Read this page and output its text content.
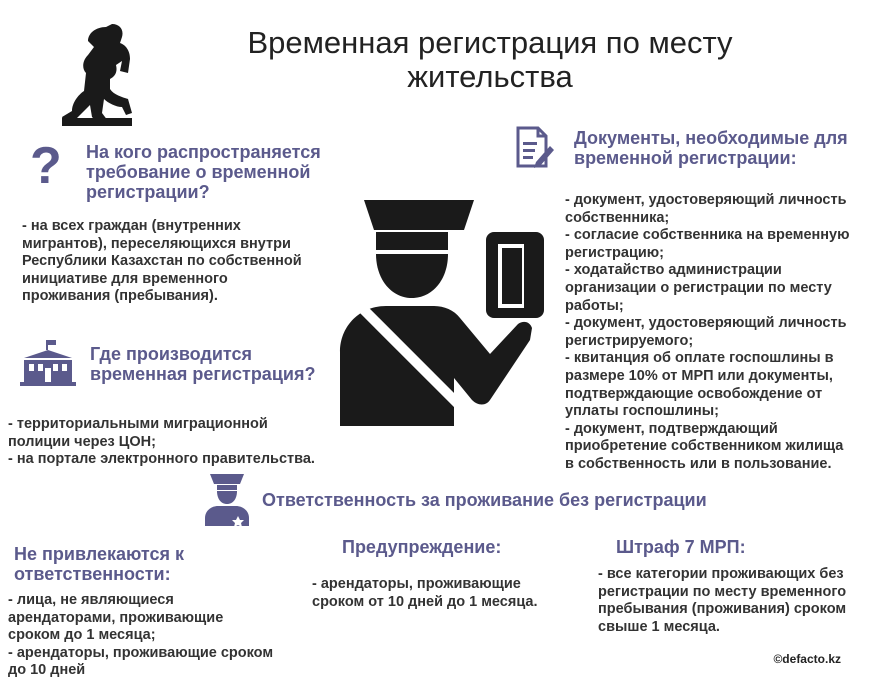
Временная регистрация по месту
жительства
? На кого распространяется
требование о временной
регистрации?
- на всех граждан (внутренних
мигрантов), переселяющихся внутри
Республики Казахстан по собственной
инициативе для временного
проживания (пребывания).
Документы, необходимые для
временной регистрации:
- документ, удостоверяющий личность
собственника;
- согласие собственника на временную
регистрацию;
- ходатайство администрации
организации о регистрации по месту
работы;
- документ, удостоверяющий личность
регистрируемого;
- квитанция об оплате госпошлины в
размере 10% от МРП или документы,
подтверждающие освобождение от
уплаты госпошлины;
- документ, подтверждающий
приобретение собственником жилища
в собственность или в пользование.
Где производится
временная регистрация?
- территориальными миграционной
полиции через ЦОН;
- на портале электронного правительства.
Ответственность за проживание без регистрации
Не привлекаются к
ответственности:
- лица, не являющиеся
арендаторами, проживающие
сроком до 1 месяца;
- арендаторы, проживающие сроком
до 10 дней
Предупреждение:
- арендаторы, проживающие
сроком от 10 дней до 1 месяца.
Штраф 7 МРП:
- все категории проживающих без
регистрации по месту временного
пребывания (проживания) сроком
свыше 1 месяца.
©defacto.kz
